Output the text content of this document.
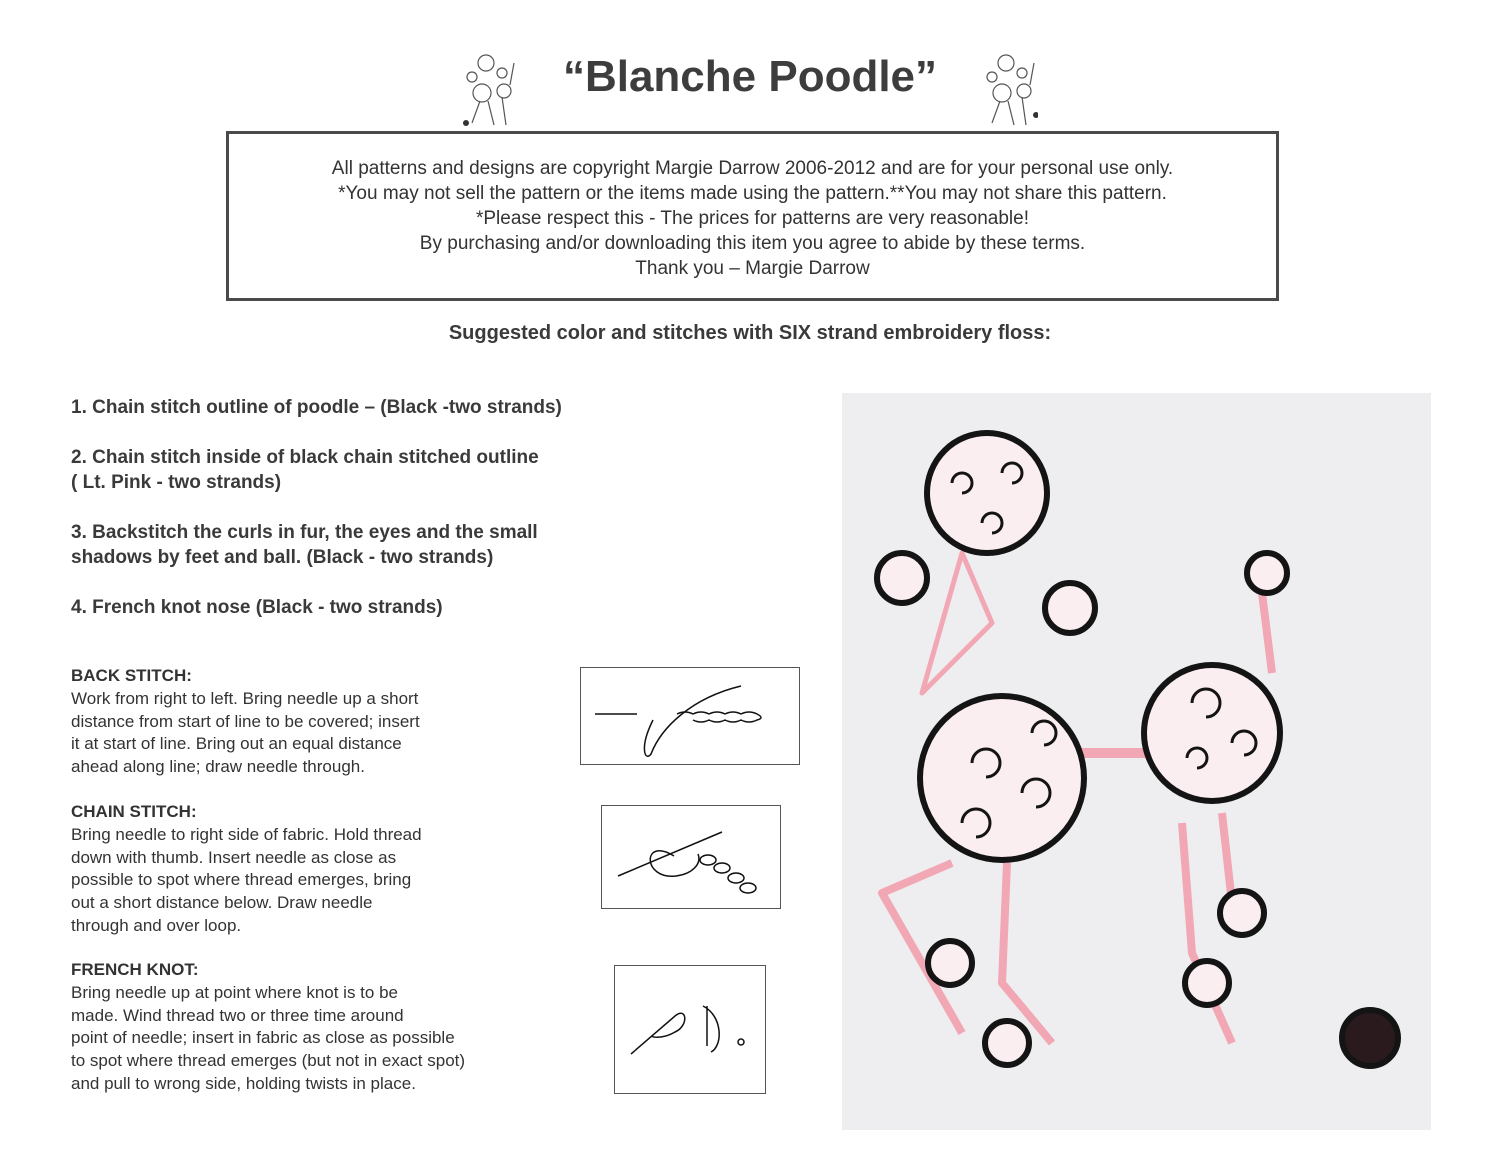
“Blanche Poodle”
All patterns and designs are copyright Margie Darrow 2006-2012 and are for your personal use only.
*You may not sell the pattern or the items made using the pattern.**You may not share this pattern.
*Please respect this - The prices for patterns are very reasonable!
By purchasing and/or downloading this item you agree to abide by these terms.
Thank you – Margie Darrow
Suggested color and stitches with SIX strand embroidery floss:
1. Chain stitch outline of poodle – (Black -two strands)
2. Chain stitch inside of black chain stitched outline
( Lt. Pink - two strands)
3. Backstitch the curls in fur, the eyes and the small
shadows by feet and ball. (Black - two strands)
4. French knot nose (Black - two strands)
BACK STITCH:
Work from right to left. Bring needle up a short
distance from start of line to be covered; insert
it at start of line. Bring out an equal distance
ahead along line; draw needle through.
CHAIN STITCH:
Bring needle to right side of fabric. Hold thread
down with thumb. Insert needle as close as
possible to spot where thread emerges, bring
out a short distance below. Draw needle
through and over loop.
FRENCH KNOT:
Bring needle up at point where knot is to be
made. Wind thread two or three time around
point of needle; insert in fabric as close as possible
to spot where thread emerges (but not in exact spot)
and pull to wrong side, holding twists in place.
